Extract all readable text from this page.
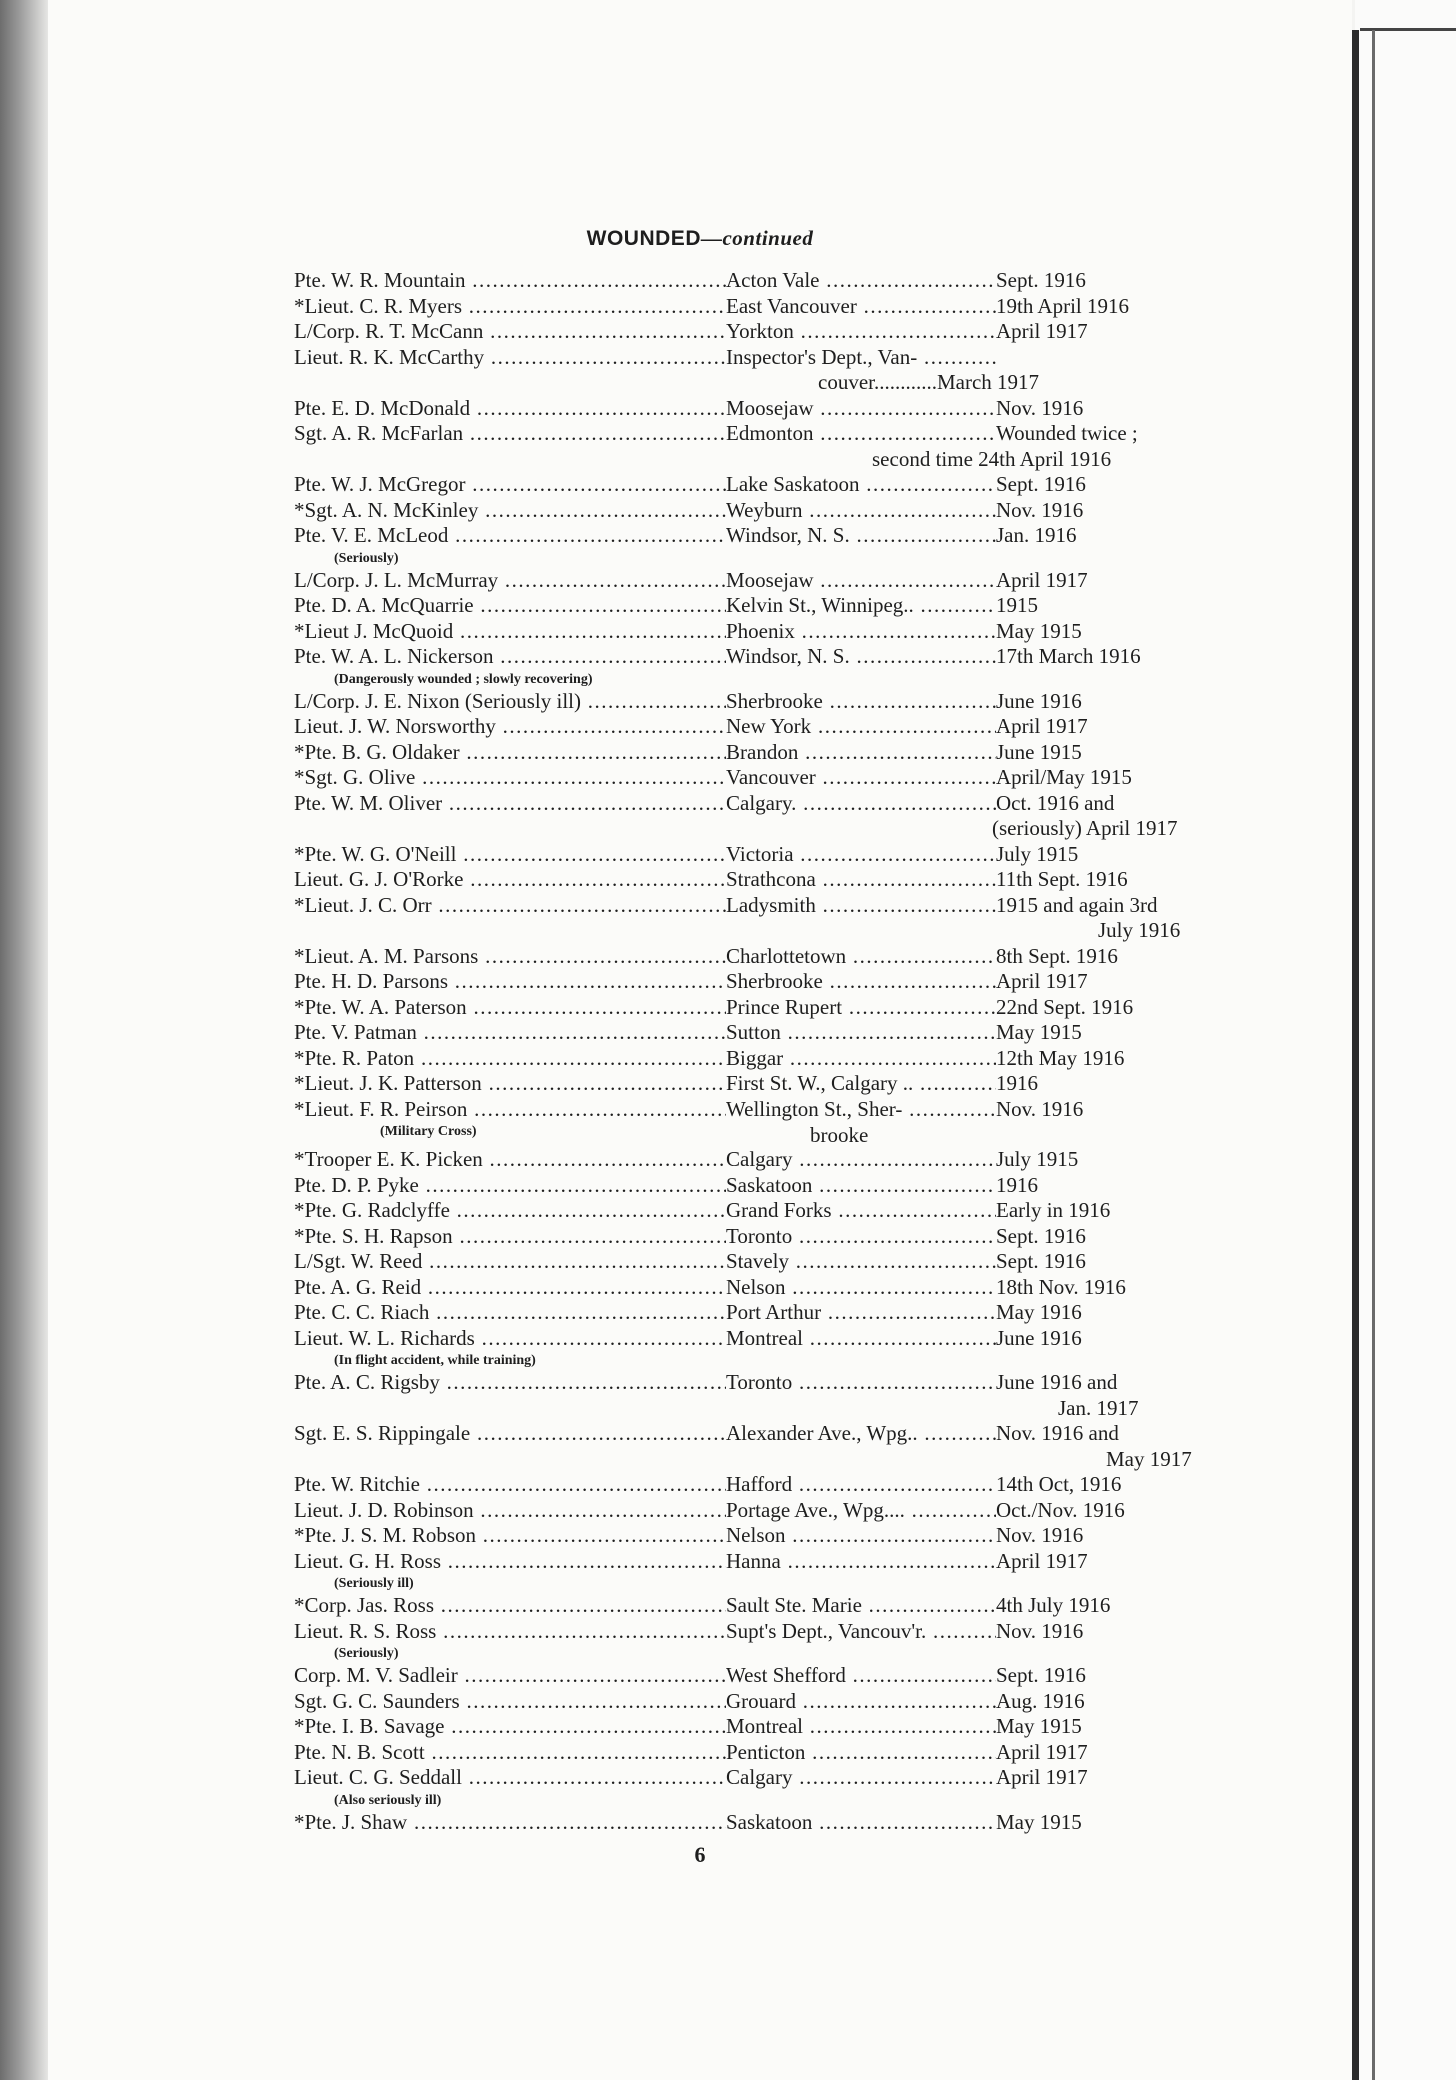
WOUNDED—continued
Pte. W. R. Mountain .....	Acton Vale .....	Sept. 1916
*Lieut. C. R. Myers .....	East Vancouver .....	19th April 1916
L/Corp. R. T. McCann .....	Yorkton .....	April 1917
Lieut. R. K. McCarthy .....	Inspector's Dept., Van- .....
couver............March 1917
Pte. E. D. McDonald .....	Moosejaw .....	Nov. 1916
Sgt. A. R. McFarlan .....	Edmonton .....	Wounded twice ;
second time 24th April 1916
Pte. W. J. McGregor .....	Lake Saskatoon .....	Sept. 1916
*Sgt. A. N. McKinley .....	Weyburn .....	Nov. 1916
Pte. V. E. McLeod .....	Windsor, N. S. .....	Jan. 1916
(Seriously)
L/Corp. J. L. McMurray .....	Moosejaw .....	April 1917
Pte. D. A. McQuarrie .....	Kelvin St., Winnipeg.. .....	1915
*Lieut J. McQuoid .....	Phoenix .....	May 1915
Pte. W. A. L. Nickerson .....	Windsor, N. S. .....	17th March 1916
(Dangerously wounded ; slowly recovering)
L/Corp. J. E. Nixon (Seriously ill) .....	Sherbrooke .....	June 1916
Lieut. J. W. Norsworthy .....	New York .....	April 1917
*Pte. B. G. Oldaker .....	Brandon .....	June 1915
*Sgt. G. Olive .....	Vancouver .....	April/May 1915
Pte. W. M. Oliver .....	Calgary. .....	Oct. 1916 and
(seriously) April 1917
*Pte. W. G. O'Neill .....	Victoria .....	July 1915
Lieut. G. J. O'Rorke .....	Strathcona .....	11th Sept. 1916
*Lieut. J. C. Orr .....	Ladysmith .....	1915 and again 3rd
July 1916
*Lieut. A. M. Parsons .....	Charlottetown .....	8th Sept. 1916
Pte. H. D. Parsons .....	Sherbrooke .....	April 1917
*Pte. W. A. Paterson .....	Prince Rupert .....	22nd Sept. 1916
Pte. V. Patman .....	Sutton .....	May 1915
*Pte. R. Paton .....	Biggar .....	12th May 1916
*Lieut. J. K. Patterson .....	First St. W., Calgary .. .....	1916
*Lieut. F. R. Peirson .....	Wellington St., Sher- .....	Nov. 1916
(Military Cross)	brooke
*Trooper E. K. Picken .....	Calgary .....	July 1915
Pte. D. P. Pyke .....	Saskatoon .....	1916
*Pte. G. Radclyffe .....	Grand Forks .....	Early in 1916
*Pte. S. H. Rapson .....	Toronto .....	Sept. 1916
L/Sgt. W. Reed .....	Stavely .....	Sept. 1916
Pte. A. G. Reid .....	Nelson .....	18th Nov. 1916
Pte. C. C. Riach .....	Port Arthur .....	May 1916
Lieut. W. L. Richards .....	Montreal .....	June 1916
(In flight accident, while training)
Pte. A. C. Rigsby .....	Toronto .....	June 1916 and
Jan. 1917
Sgt. E. S. Rippingale .....	Alexander Ave., Wpg.. .....	Nov. 1916 and
May 1917
Pte. W. Ritchie .....	Hafford .....	14th Oct, 1916
Lieut. J. D. Robinson .....	Portage Ave., Wpg.... .....	Oct./Nov. 1916
*Pte. J. S. M. Robson .....	Nelson .....	Nov. 1916
Lieut. G. H. Ross .....	Hanna .....	April 1917
(Seriously ill)
*Corp. Jas. Ross .....	Sault Ste. Marie .....	4th July 1916
Lieut. R. S. Ross .....	Supt's Dept., Vancouv'r. .....	Nov. 1916
(Seriously)
Corp. M. V. Sadleir .....	West Shefford .....	Sept. 1916
Sgt. G. C. Saunders .....	Grouard .....	Aug. 1916
*Pte. I. B. Savage .....	Montreal .....	May 1915
Pte. N. B. Scott .....	Penticton .....	April 1917
Lieut. C. G. Seddall .....	Calgary .....	April 1917
(Also seriously ill)
*Pte. J. Shaw .....	Saskatoon .....	May 1915
6
